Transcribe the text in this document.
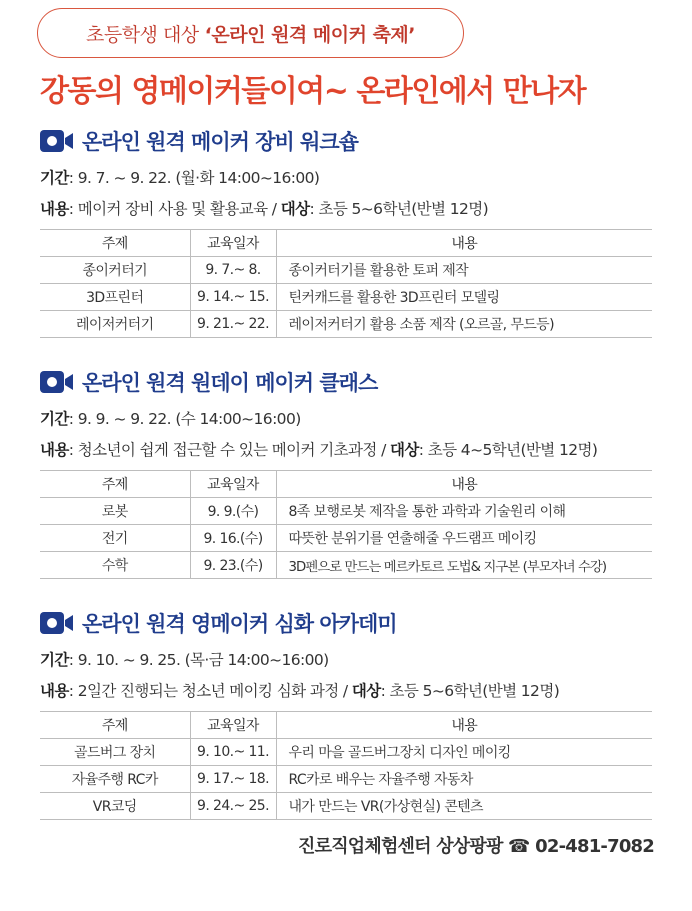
초등학생 대상 ‘온라인 원격 메이커 축제’
강동의 영메이커들이여~ 온라인에서 만나자
온라인 원격 메이커 장비 워크숍
기간: 9. 7. ~ 9. 22. (월·화 14:00~16:00)
내용: 메이커 장비 사용 및 활용교육 / 대상: 초등 5~6학년(반별 12명)
주제	교육일자	내용
종이커터기	9. 7.~ 8.	종이커터기를 활용한 토퍼 제작
3D프린터	9. 14.~ 15.	틴커캐드를 활용한 3D프린터 모델링
레이저커터기	9. 21.~ 22.	레이저커터기 활용 소품 제작 (오르골, 무드등)
온라인 원격 원데이 메이커 클래스
기간: 9. 9. ~ 9. 22. (수 14:00~16:00)
내용: 청소년이 쉽게 접근할 수 있는 메이커 기초과정 / 대상: 초등 4~5학년(반별 12명)
주제	교육일자	내용
로봇	9. 9.(수)	8족 보행로봇 제작을 통한 과학과 기술원리 이해
전기	9. 16.(수)	따뜻한 분위기를 연출해줄 우드램프 메이킹
수학	9. 23.(수)	3D펜으로 만드는 메르카토르 도법& 지구본 (부모자녀 수강)
온라인 원격 영메이커 심화 아카데미
기간: 9. 10. ~ 9. 25. (목·금 14:00~16:00)
내용: 2일간 진행되는 청소년 메이킹 심화 과정 / 대상: 초등 5~6학년(반별 12명)
주제	교육일자	내용
골드버그 장치	9. 10.~ 11.	우리 마을 골드버그장치 디자인 메이킹
자율주행 RC카	9. 17.~ 18.	RC카로 배우는 자율주행 자동차
VR코딩	9. 24.~ 25.	내가 만드는 VR(가상현실) 콘텐츠
진로직업체험센터 상상팡팡 ☎ 02-481-7082
